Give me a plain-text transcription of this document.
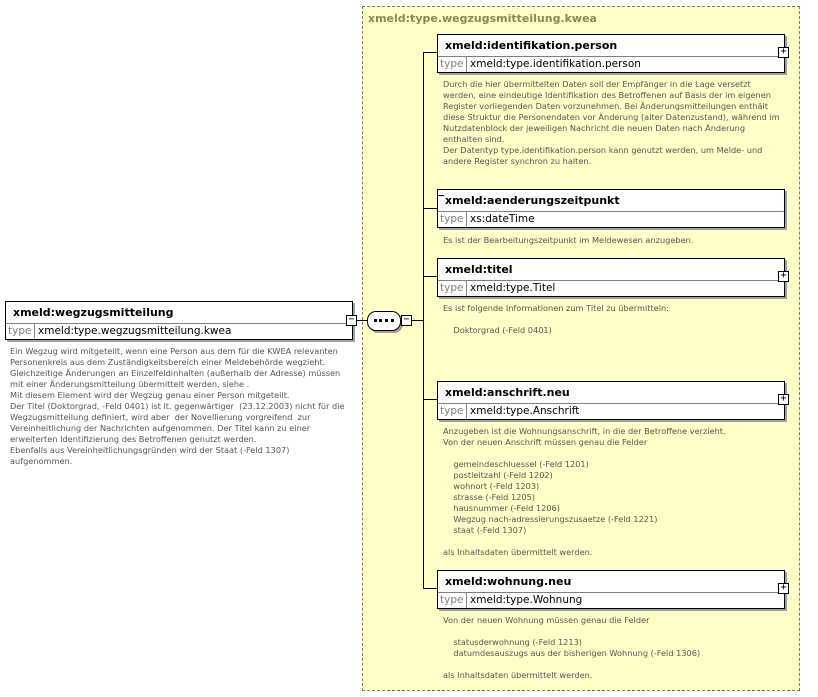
xmeld:type.wegzugsmitteilung.kwea
xmeld:wegzugsmitteilung
type xmeld:type.wegzugsmitteilung.kwea
−
Ein Wegzug wird mitgeteilt, wenn eine Person aus dem für die KWEA relevanten
Personenkreis aus dem Zuständigkeitsbereich einer Meldebehörde wegzieht.
Gleichzeitige Änderungen an Einzelfeldinhalten (außerhalb der Adresse) müssen
mit einer Änderungsmitteilung übermittelt werden, siehe .
Mit diesem Element wird der Wegzug genau einer Person mitgeteilt.
Der Titel (Doktorgrad, -Feld 0401) ist lt. gegenwärtiger  (23.12.2003) nicht für die
Wegzugsmitteilung definiert, wird aber  der Novellierung vorgreifend  zur
Vereinheitlichung der Nachrichten aufgenommen. Der Titel kann zu einer
erweiterten Identifizierung des Betroffenen genutzt werden.
Ebenfalls aus Vereinheitlichungsgründen wird der Staat (-Feld 1307)
aufgenommen.
−
xmeld:identifikation.person
type xmeld:type.identifikation.person
+
Durch die hier übermittelten Daten soll der Empfänger in die Lage versetzt
werden, eine eindeutige Identifikation des Betroffenen auf Basis der im eigenen
Register vorliegenden Daten vorzunehmen. Bei Änderungsmitteilungen enthält
diese Struktur die Personendaten vor Änderung (alter Datenzustand), während im
Nutzdatenblock der jeweiligen Nachricht die neuen Daten nach Änderung
enthalten sind.
Der Datentyp type.identifikation.person kann genutzt werden, um Melde- und
andere Register synchron zu halten.
xmeld:aenderungszeitpunkt
type xs:dateTime
Es ist der Bearbeitungszeitpunkt im Meldewesen anzugeben.
xmeld:titel
type xmeld:type.Titel
+
Es ist folgende Informationen zum Titel zu übermitteln:

Doktorgrad (-Feld 0401)
xmeld:anschrift.neu
type xmeld:type.Anschrift
+
Anzugeben ist die Wohnungsanschrift, in die der Betroffene verzieht.
Von der neuen Anschrift müssen genau die Felder

gemeindeschluessel (-Feld 1201)
postleitzahl (-Feld 1202)
wohnort (-Feld 1203)
strasse (-Feld 1205)
hausnummer (-Feld 1206)
Wegzug nach-adressierungszusaetze (-Feld 1221)
staat (-Feld 1307)

als Inhaltsdaten übermittelt werden.
xmeld:wohnung.neu
type xmeld:type.Wohnung
+
Von der neuen Wohnung müssen genau die Felder

statusderwohnung (-Feld 1213)
datumdesauszugs aus der bisherigen Wohnung (-Feld 1306)

als Inhaltsdaten übermittelt werden.
